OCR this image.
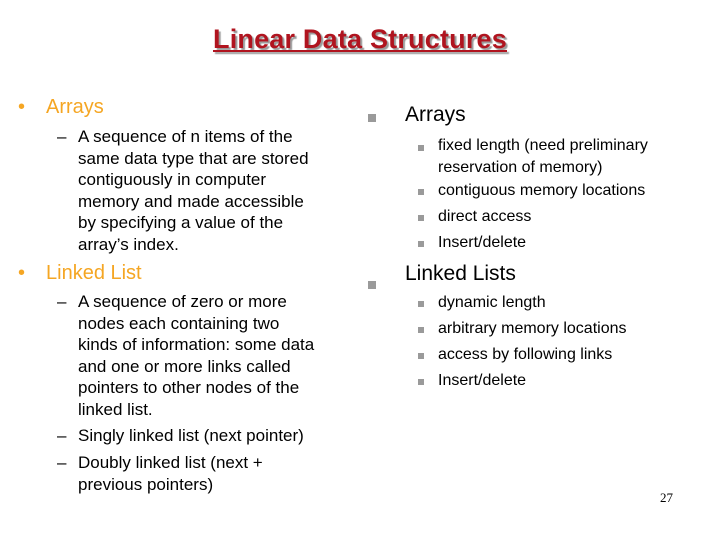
Linear Data Structures
• Arrays
– A sequence of n items of the
same data type that are stored
contiguously in computer
memory and made accessible
by specifying a value of the
array’s index.
• Linked List
– A sequence of zero or more
nodes each containing two
kinds of information: some data
and one or more links called
pointers to other nodes of the
linked list.
– Singly linked list (next pointer)
– Doubly linked list (next +
previous pointers)
Arrays
fixed length (need preliminary
reservation of memory)
contiguous memory locations
direct access
Insert/delete
Linked Lists
dynamic length
arbitrary memory locations
access by following links
Insert/delete
27
